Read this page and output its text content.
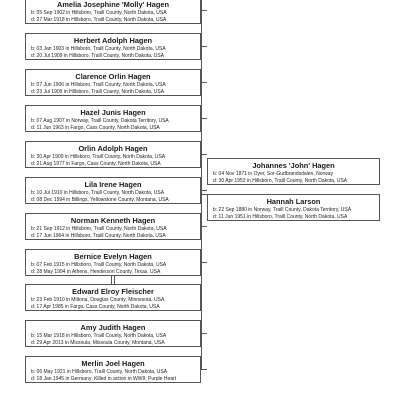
Amelia Josephine 'Molly' Hagen
b: 05 Sep 1902 in Hillsboro, Traill County, North Dakota, USA
d: 27 Mar 1918 in Hillsboro, Traill County, North Dakota, USA
Herbert Adolph Hagen
b: 03 Jan 1903 in Hillsboro, Traill County, North Dakota, USA
d: 20 Jul 1909 in Hillsboro, Traill County, North Dakota, USA
Clarence Orlin Hagen
b: 07 Jun 1906 in Hillsboro, Traill County, North Dakota, USA
d: 23 Jul 1909 in Hillsboro, Traill County, North Dakota, USA
Hazel Junis Hagen
b: 07 Aug 1907 in Norway, Traill County, Dakota Territory, USA
d: 11 Jun 1963 in Fargo, Cass County, North Dakota, USA
Orlin Adolph Hagen
b: 30 Apr 1909 in Hillsboro, Traill County, North Dakota, USA
d: 21 Aug 1977 in Fargo, Cass County, North Dakota, USA
Lila Irene Hagen
b: 10 Jul 1910 in Hillsboro, Traill County, North Dakota, USA
d: 08 Dec 1994 in Billings, Yellowstone County, Montana, USA
Norman Kenneth Hagen
b: 21 Sep 1912 in Hillsboro, Traill County, North Dakota, USA
d: 17 Jun 1964 in Hillsboro, Traill County, North Dakota, USA
Bernice Evelyn Hagen
b: 07 Feb 1915 in Hillsboro, Traill County, North Dakota, USA
d: 28 May 1994 in Athens, Henderson County, Texas, USA
Edward Elroy Fleischer
b: 23 Feb 1910 in Miltona, Douglas County, Minnesota, USA
d: 17 Apr 1985 in Fargo, Cass County, North Dakota, USA
Amy Judith Hagen
b: 15 Mar 1918 in Hillsboro, Traill County, North Dakota, USA
d: 29 Apr 2013 in Missoula, Missoula County, Montana, USA
Merlin Joel Hagen
b: 06 May 1921 in Hillsboro, Traill County, North Dakota, USA
d: 18 Jan 1945 in Germany; Killed in action in WWII; Purple Heart
Johannes 'John' Hagen
b: 04 Nov 1871 in Oyer, Sor-Gudbrandsdalen, Norway
d: 30 Apr 1953 in Hillsboro, Traill County, North Dakota, USA
Hannah Larson
b: 22 Sep 1880 in Norway, Traill County, Dakota Territory, USA
d: 11 Jun 1951 in Hillsboro, Traill County, North Dakota, USA
